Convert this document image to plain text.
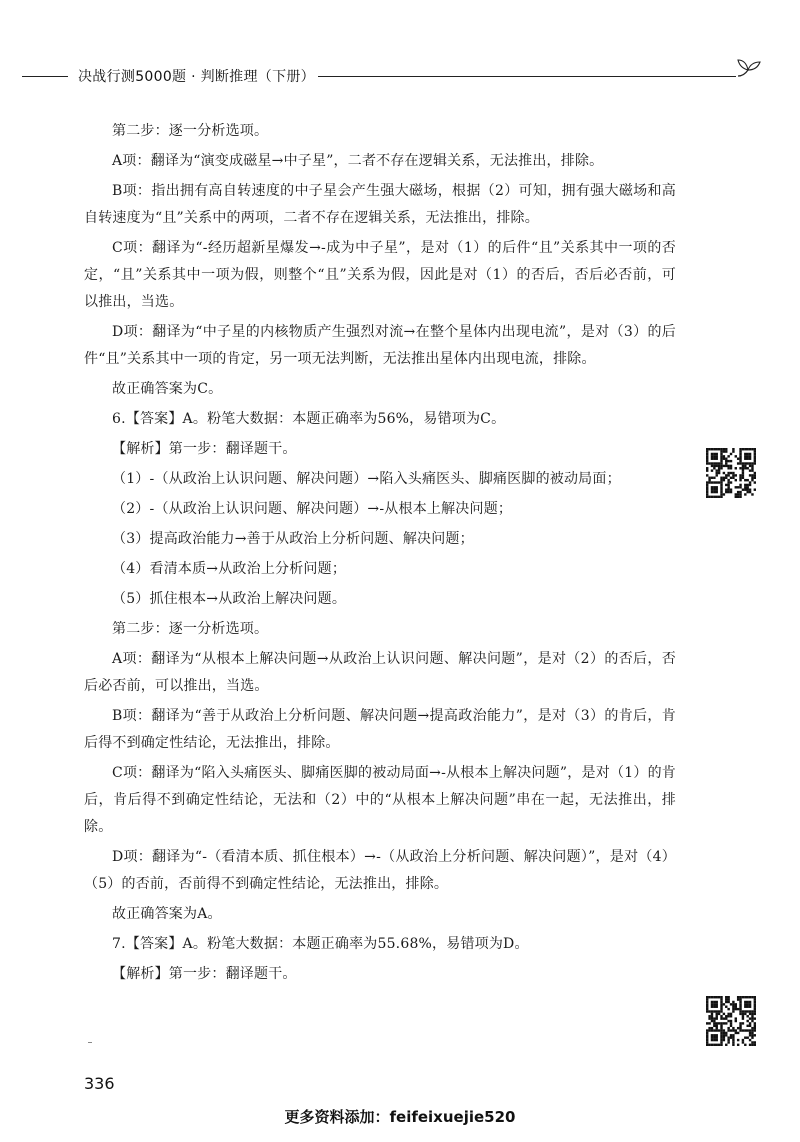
决战行测5000题 · 判断推理（下册）

第二步：逐一分析选项。

A项：翻译为“演变成磁星→中子星”，二者不存在逻辑关系，无法推出，排除。

B项：指出拥有高自转速度的中子星会产生强大磁场，根据（2）可知，拥有强大磁场和高自转速度为“且”关系中的两项，二者不存在逻辑关系，无法推出，排除。

C项：翻译为“-经历超新星爆发→-成为中子星”，是对（1）的后件“且”关系其中一项的否定，“且”关系其中一项为假，则整个“且”关系为假，因此是对（1）的否后，否后必否前，可以推出，当选。

D项：翻译为“中子星的内核物质产生强烈对流→在整个星体内出现电流”，是对（3）的后件“且”关系其中一项的肯定，另一项无法判断，无法推出星体内出现电流，排除。

故正确答案为C。

6.【答案】A。粉笔大数据：本题正确率为56%，易错项为C。

【解析】第一步：翻译题干。

（1）-（从政治上认识问题、解决问题）→陷入头痛医头、脚痛医脚的被动局面；

（2）-（从政治上认识问题、解决问题）→-从根本上解决问题；

（3）提高政治能力→善于从政治上分析问题、解决问题；

（4）看清本质→从政治上分析问题；

（5）抓住根本→从政治上解决问题。

第二步：逐一分析选项。

A项：翻译为“从根本上解决问题→从政治上认识问题、解决问题”，是对（2）的否后，否后必否前，可以推出，当选。

B项：翻译为“善于从政治上分析问题、解决问题→提高政治能力”，是对（3）的肯后，肯后得不到确定性结论，无法推出，排除。

C项：翻译为“陷入头痛医头、脚痛医脚的被动局面→-从根本上解决问题”，是对（1）的肯后，肯后得不到确定性结论，无法和（2）中的“从根本上解决问题”串在一起，无法推出，排除。

D项：翻译为“-（看清本质、抓住根本）→-（从政治上分析问题、解决问题）”，是对（4）（5）的否前，否前得不到确定性结论，无法推出，排除。

故正确答案为A。

7.【答案】A。粉笔大数据：本题正确率为55.68%，易错项为D。

【解析】第一步：翻译题干。

336
更多资料添加：feifeixuejie520
